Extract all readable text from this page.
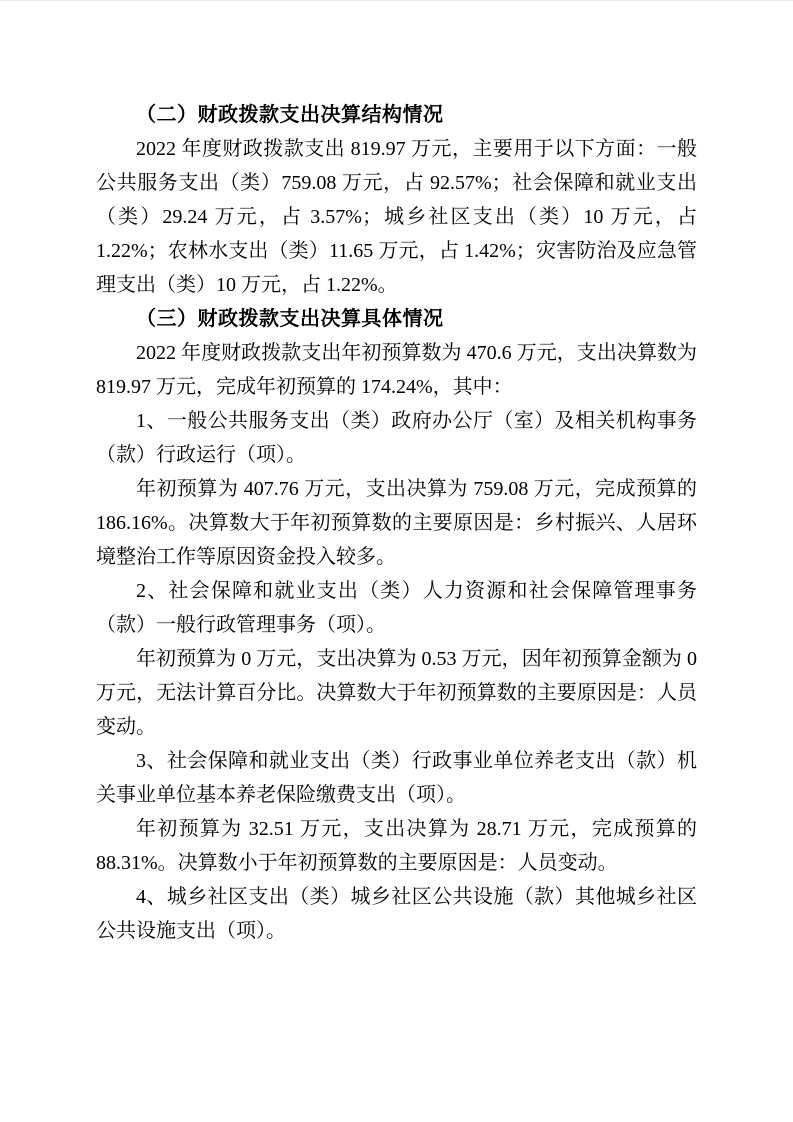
（二）财政拨款支出决算结构情况

2022 年度财政拨款支出 819.97 万元，主要用于以下方面：一般公共服务支出（类）759.08 万元，占 92.57%；社会保障和就业支出（类）29.24 万元，占 3.57%；城乡社区支出（类）10 万元，占 1.22%；农林水支出（类）11.65 万元，占 1.42%；灾害防治及应急管理支出（类）10 万元，占 1.22%。

（三）财政拨款支出决算具体情况

2022 年度财政拨款支出年初预算数为 470.6 万元，支出决算数为 819.97 万元，完成年初预算的 174.24%，其中：

1、一般公共服务支出（类）政府办公厅（室）及相关机构事务（款）行政运行（项）。

年初预算为 407.76 万元，支出决算为 759.08 万元，完成预算的 186.16%。决算数大于年初预算数的主要原因是：乡村振兴、人居环境整治工作等原因资金投入较多。

2、社会保障和就业支出（类）人力资源和社会保障管理事务（款）一般行政管理事务（项）。

年初预算为 0 万元，支出决算为 0.53 万元，因年初预算金额为 0 万元，无法计算百分比。决算数大于年初预算数的主要原因是：人员变动。

3、社会保障和就业支出（类）行政事业单位养老支出（款）机关事业单位基本养老保险缴费支出（项）。

年初预算为 32.51 万元，支出决算为 28.71 万元，完成预算的 88.31%。决算数小于年初预算数的主要原因是：人员变动。

4、城乡社区支出（类）城乡社区公共设施（款）其他城乡社区公共设施支出（项）。
